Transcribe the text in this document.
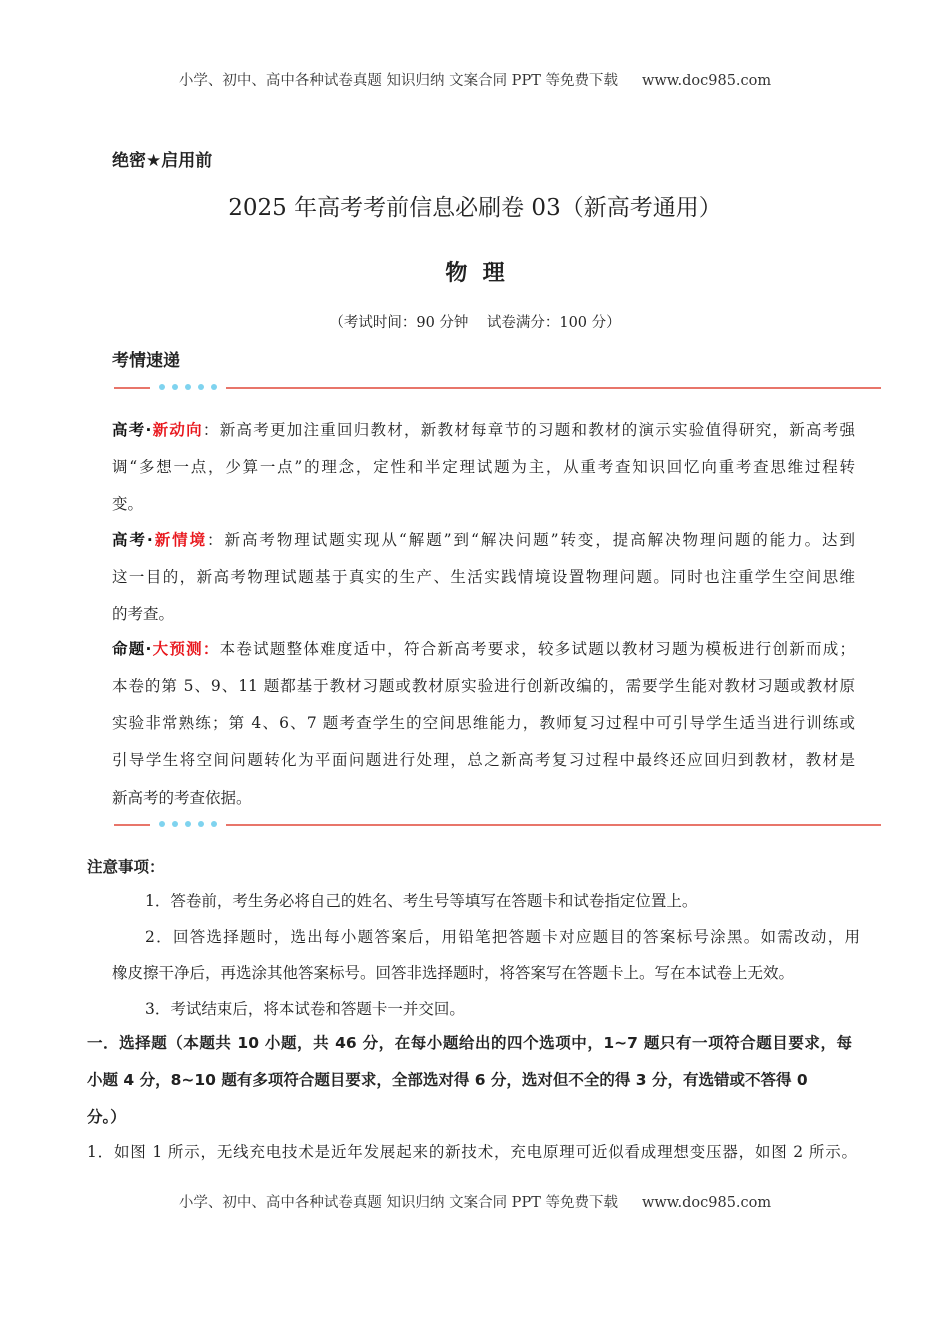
小学、初中、高中各种试卷真题 知识归纳 文案合同 PPT 等免费下载 www.doc985.com
绝密★启用前
2025 年高考考前信息必刷卷 03（新高考通用）
物  理
（考试时间：90 分钟    试卷满分：100 分）
考情速递
高考·新动向：新高考更加注重回归教材，新教材每章节的习题和教材的演示实验值得研究，新高考强
调“多想一点，少算一点”的理念，定性和半定理试题为主，从重考查知识回忆向重考查思维过程转
变。
高考·新情境：新高考物理试题实现从“解题”到“解决问题”转变，提高解决物理问题的能力。达到
这一目的，新高考物理试题基于真实的生产、生活实践情境设置物理问题。同时也注重学生空间思维
的考查。
命题·大预测：本卷试题整体难度适中，符合新高考要求，较多试题以教材习题为模板进行创新而成；
本卷的第 5、9、11 题都基于教材习题或教材原实验进行创新改编的，需要学生能对教材习题或教材原
实验非常熟练；第 4、6、7 题考查学生的空间思维能力，教师复习过程中可引导学生适当进行训练或
引导学生将空间问题转化为平面问题进行处理，总之新高考复习过程中最终还应回归到教材，教材是
新高考的考查依据。
注意事项：
1．答卷前，考生务必将自己的姓名、考生号等填写在答题卡和试卷指定位置上。
2．回答选择题时，选出每小题答案后，用铅笔把答题卡对应题目的答案标号涂黑。如需改动，用
橡皮擦干净后，再选涂其他答案标号。回答非选择题时，将答案写在答题卡上。写在本试卷上无效。
3．考试结束后，将本试卷和答题卡一并交回。
一．选择题（本题共 10 小题，共 46 分，在每小题给出的四个选项中，1~7 题只有一项符合题目要求，每
小题 4 分，8~10 题有多项符合题目要求，全部选对得 6 分，选对但不全的得 3 分，有选错或不答得 0
分。）
1．如图 1 所示，无线充电技术是近年发展起来的新技术，充电原理可近似看成理想变压器，如图 2 所示。
小学、初中、高中各种试卷真题 知识归纳 文案合同 PPT 等免费下载 www.doc985.com
